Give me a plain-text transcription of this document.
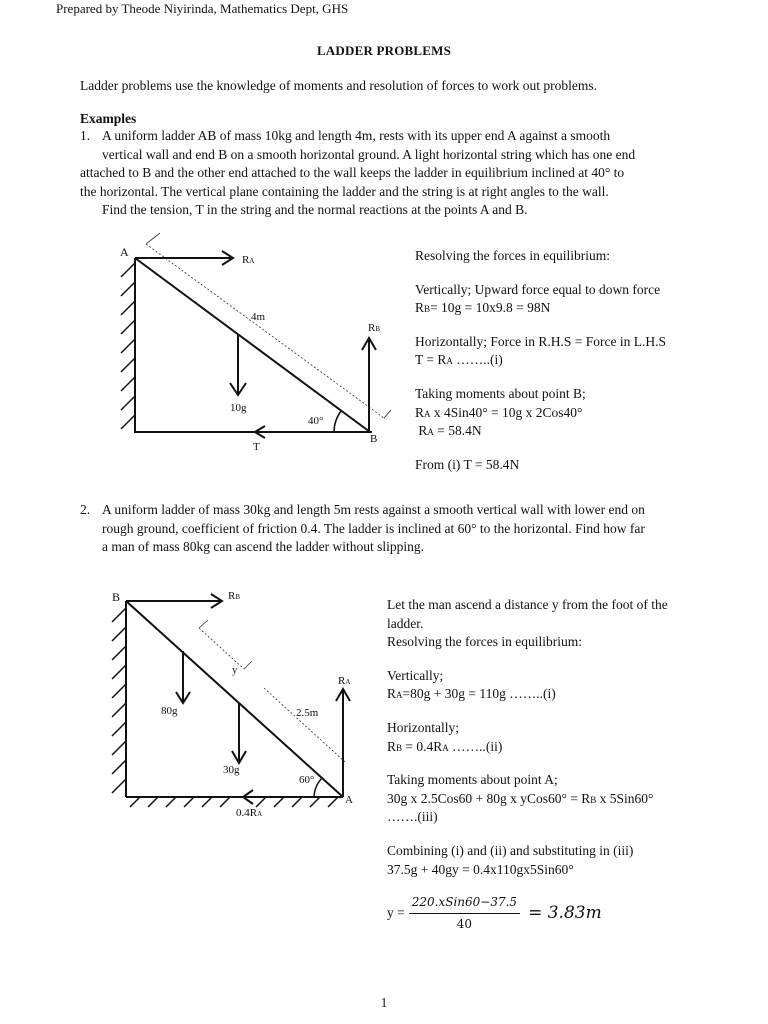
Prepared by Theode Niyirinda, Mathematics Dept, GHS
LADDER PROBLEMS
Ladder problems use the knowledge of moments and resolution of forces to work out problems.
Examples
1. A uniform ladder AB of mass 10kg and length 4m, rests with its upper end A against a smooth
vertical wall and end B on a smooth horizontal ground. A light horizontal string which has one end
attached to B and the other end attached to the wall keeps the ladder in equilibrium inclined at 40° to
the horizontal. The vertical plane containing the ladder and the string is at right angles to the wall.
Find the tension, T in the string and the normal reactions at the points A and B.
A
RA
4m
RB
10g
40°
B
T
Resolving the forces in equilibrium:
Vertically; Upward force equal to down force
RB= 10g = 10x9.8 = 98N
Horizontally; Force in R.H.S = Force in L.H.S
T = RA ……..(i)
Taking moments about point B;
RA x 4Sin40° = 10g x 2Cos40°
RA = 58.4N
From (i) T = 58.4N
2. A uniform ladder of mass 30kg and length 5m rests against a smooth vertical wall with lower end on
rough ground, coefficient of friction 0.4. The ladder is inclined at 60° to the horizontal. Find how far
a man of mass 80kg can ascend the ladder without slipping.
B	RB
y
RA
80g	2.5m
30g
60°
A
0.4RA
Let the man ascend a distance y from the foot of the
ladder.
Resolving the forces in equilibrium:
Vertically;
RA=80g + 30g = 110g ……..(i)
Horizontally;
RB = 0.4RA ……..(ii)
Taking moments about point A;
30g x 2.5Cos60 + 80g x yCos60° = RB x 5Sin60°
…….(iii)
Combining (i) and (ii) and substituting in (iii)
37.5g + 40gy = 0.4x110gx5Sin60°
$y = \frac{\text{220.xSin60−37.5}}{40} = 3.83m$
1
